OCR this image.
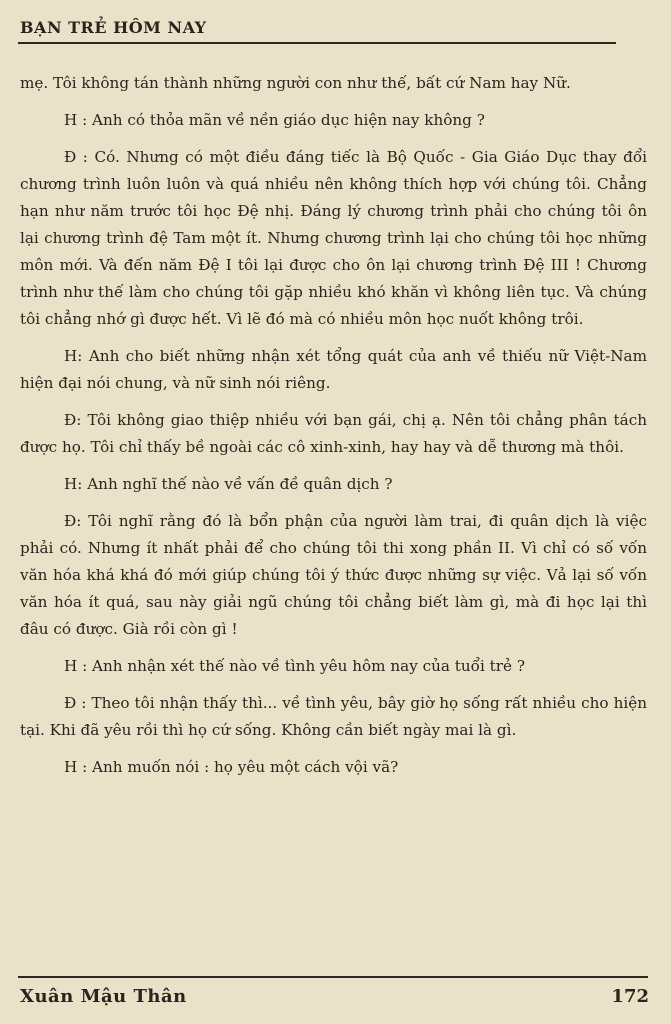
BẠN TRẺ HÔM NAY

mẹ. Tôi không tán thành những người con như thế, bất cứ Nam hay Nữ.

H : Anh có thỏa mãn về nền giáo dục hiện nay không ?

Đ : Có. Nhưng có một điều đáng tiếc là Bộ Quốc - Gia Giáo Dục thay đổi chương trình luôn luôn và quá nhiều nên không thích hợp với chúng tôi. Chẳng hạn như năm trước tôi học Đệ nhị. Đáng lý chương trình phải cho chúng tôi ôn lại chương trình đệ Tam một ít. Nhưng chương trình lại cho chúng tôi học những môn mới. Và đến năm Đệ I tôi lại được cho ôn lại chương trình Đệ III ! Chương trình như thế làm cho chúng tôi gặp nhiều khó khăn vì không liên tục. Và chúng tôi chẳng nhớ gì được hết. Vì lẽ đó mà có nhiều môn học nuốt không trôi.

H: Anh cho biết những nhận xét tổng quát của anh về thiếu nữ Việt-Nam hiện đại nói chung, và nữ sinh nói riêng.

Đ: Tôi không giao thiệp nhiều với bạn gái, chị ạ. Nên tôi chẳng phân tách được họ. Tôi chỉ thấy bề ngoài các cô xinh-xinh, hay hay và dễ thương mà thôi.

H: Anh nghĩ thế nào về vấn đề quân dịch ?

Đ: Tôi nghĩ rằng đó là bổn phận của người làm trai, đi quân dịch là việc phải có. Nhưng ít nhất phải để cho chúng tôi thi xong phần II. Vì chỉ có số vốn văn hóa khá khá đó mới giúp chúng tôi ý thức được những sự việc. Vả lại số vốn văn hóa ít quá, sau này giải ngũ chúng tôi chẳng biết làm gì, mà đi học lại thì đâu có được. Già rồi còn gì !

H : Anh nhận xét thế nào về tình yêu hôm nay của tuổi trẻ ?

Đ : Theo tôi nhận thấy thì... về tình yêu, bây giờ họ sống rất nhiều cho hiện tại. Khi đã yêu rồi thì họ cứ sống. Không cần biết ngày mai là gì.

H : Anh muốn nói : họ yêu một cách vội vã?

Xuân Mậu Thân	172
